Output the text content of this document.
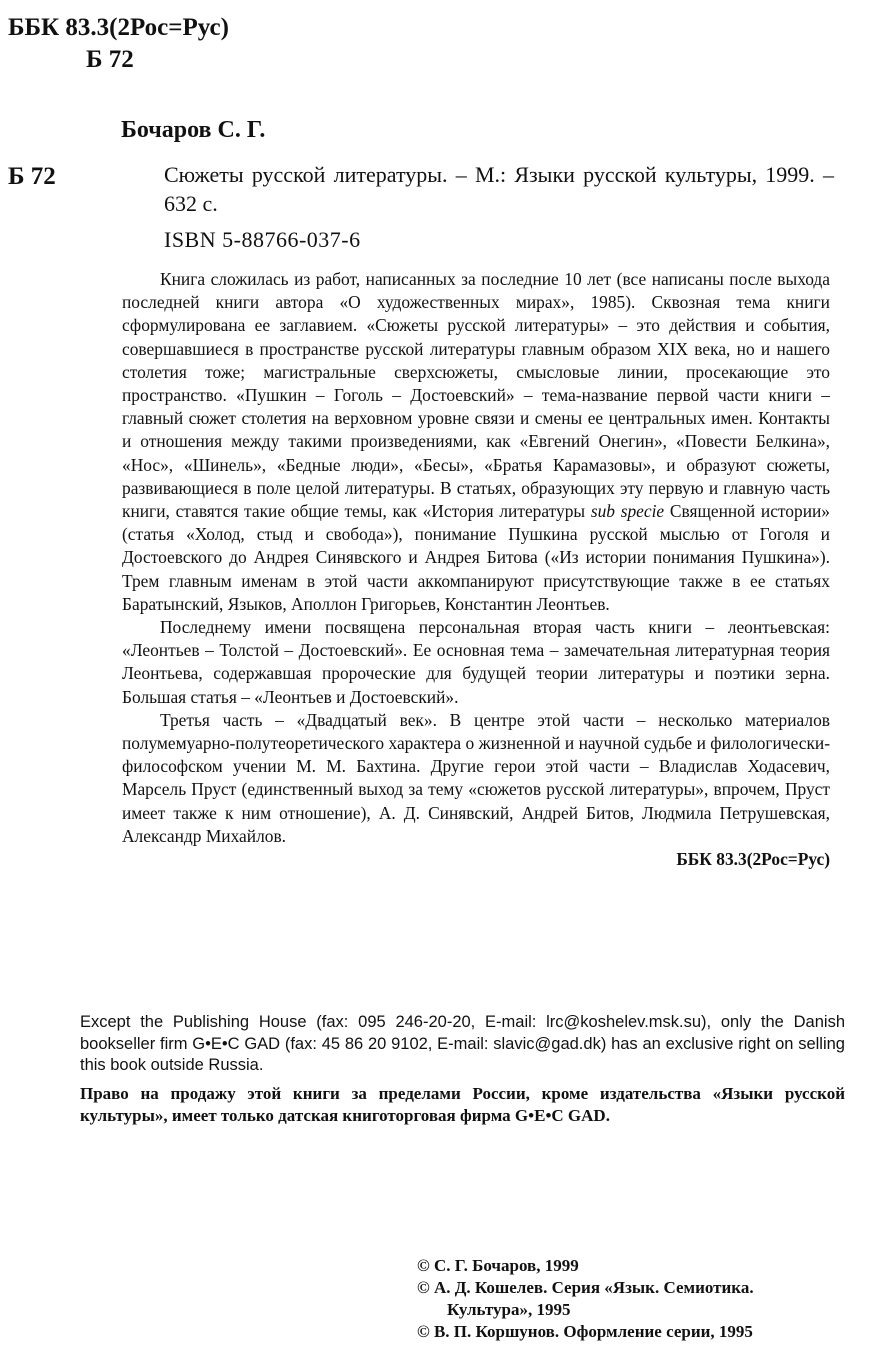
ББК 83.3(2Рос=Рус)
Б 72
Бочаров С. Г.
Б 72	Сюжеты русской литературы. – М.: Языки русской культуры, 1999. – 632 с.

ISBN 5-88766-037-6

Книга сложилась из работ, написанных за последние 10 лет (все написаны после выхода последней книги автора «О художественных мирах», 1985). Сквозная тема книги сформулирована ее заглавием. «Сюжеты русской литературы» – это действия и события, совершавшиеся в пространстве русской литературы главным образом XIX века, но и нашего столетия тоже; магистральные сверхсюжеты, смысловые линии, просекающие это пространство. «Пушкин – Гоголь – Достоевский» – тема-название первой части книги – главный сюжет столетия на верховном уровне связи и смены ее центральных имен. Контакты и отношения между такими произведениями, как «Евгений Онегин», «Повести Белкина», «Нос», «Шинель», «Бедные люди», «Бесы», «Братья Карамазовы», и образуют сюжеты, развивающиеся в поле целой литературы. В статьях, образующих эту первую и главную часть книги, ставятся такие общие темы, как «История литературы sub specie Священной истории» (статья «Холод, стыд и свобода»), понимание Пушкина русской мыслью от Гоголя и Достоевского до Андрея Синявского и Андрея Битова («Из истории понимания Пушкина»). Трем главным именам в этой части аккомпанируют присутствующие также в ее статьях Баратынский, Языков, Аполлон Григорьев, Константин Леонтьев.

Последнему имени посвящена персональная вторая часть книги – леонтьевская: «Леонтьев – Толстой – Достоевский». Ее основная тема – замечательная литературная теория Леонтьева, содержавшая пророческие для будущей теории литературы и поэтики зерна. Большая статья – «Леонтьев и Достоевский».

Третья часть – «Двадцатый век». В центре этой части – несколько материалов полумемуарно-полутеоретического характера о жизненной и научной судьбе и филологически-философском учении М. М. Бахтина. Другие герои этой части – Владислав Ходасевич, Марсель Пруст (единственный выход за тему «сюжетов русской литературы», впрочем, Пруст имеет также к ним отношение), А. Д. Синявский, Андрей Битов, Людмила Петрушевская, Александр Михайлов.

ББК 83.3(2Рос=Рус)

Except the Publishing House (fax: 095 246-20-20, E-mail: lrc@koshelev.msk.su), only the Danish bookseller firm G•E•C GAD (fax: 45 86 20 9102, E-mail: slavic@gad.dk) has an exclusive right on selling this book outside Russia.

Право на продажу этой книги за пределами России, кроме издательства «Языки русской культуры», имеет только датская книготорговая фирма G•E•C GAD.

© С. Г. Бочаров, 1999
© А. Д. Кошелев. Серия «Язык. Семиотика.
Культура», 1995
© В. П. Коршунов. Оформление серии, 1995
